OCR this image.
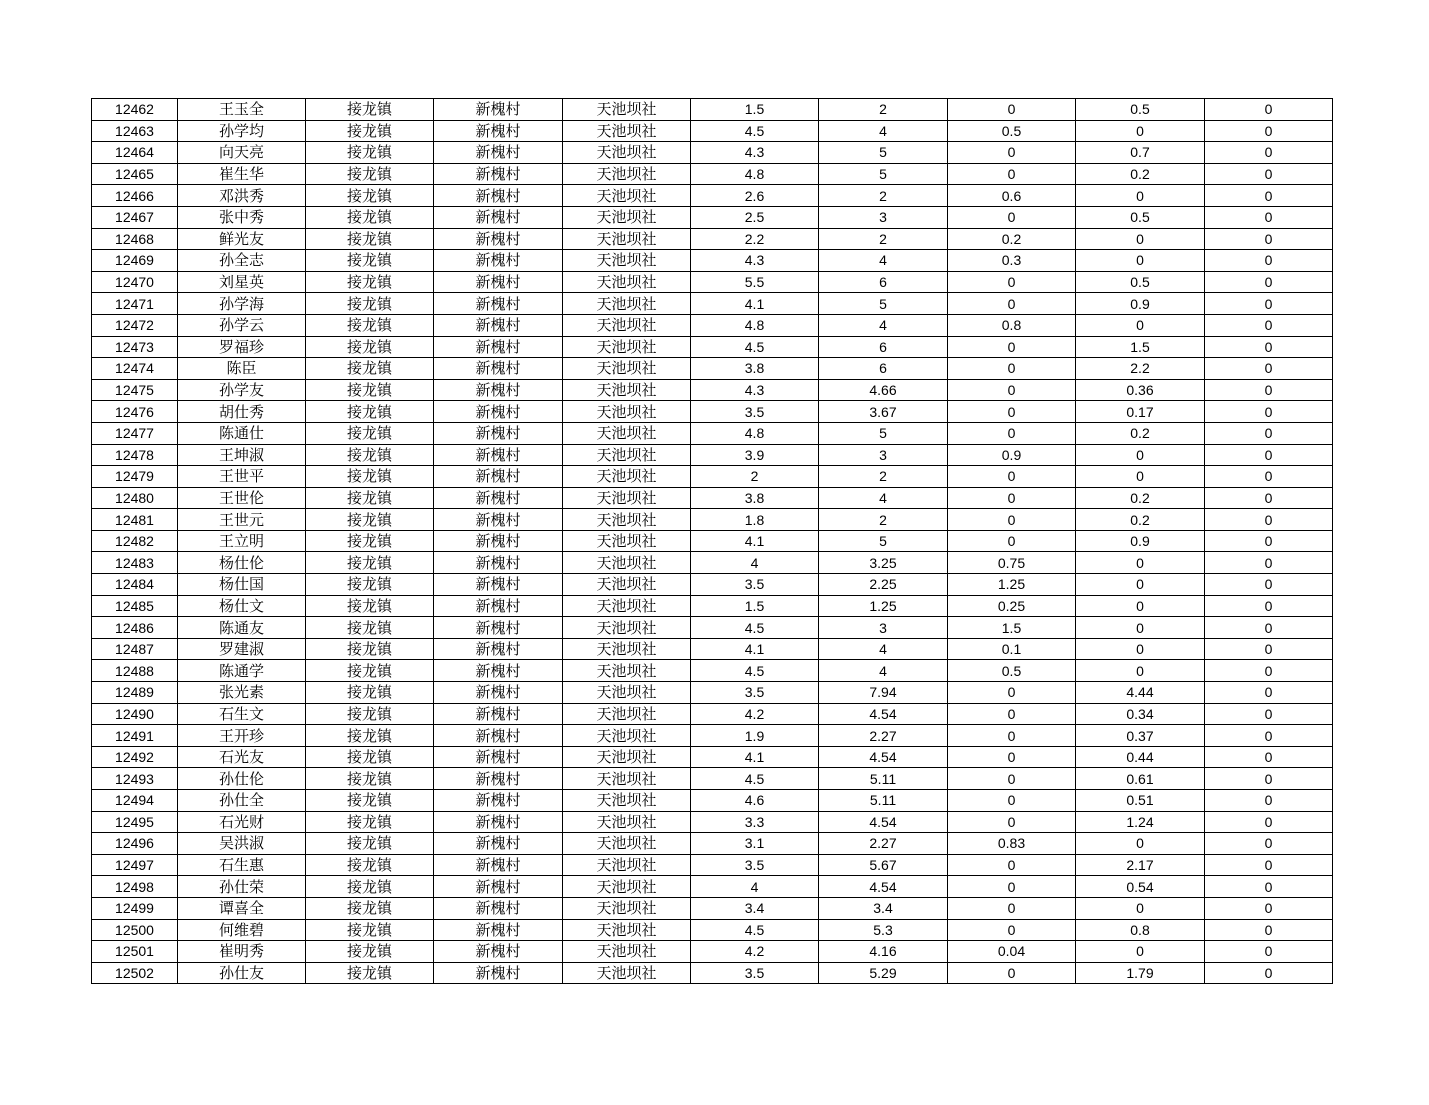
12462	王玉全	接龙镇	新槐村	天池坝社	1.5	2	0	0.5	0
12463	孙学均	接龙镇	新槐村	天池坝社	4.5	4	0.5	0	0
12464	向天亮	接龙镇	新槐村	天池坝社	4.3	5	0	0.7	0
12465	崔生华	接龙镇	新槐村	天池坝社	4.8	5	0	0.2	0
12466	邓洪秀	接龙镇	新槐村	天池坝社	2.6	2	0.6	0	0
12467	张中秀	接龙镇	新槐村	天池坝社	2.5	3	0	0.5	0
12468	鲜光友	接龙镇	新槐村	天池坝社	2.2	2	0.2	0	0
12469	孙全志	接龙镇	新槐村	天池坝社	4.3	4	0.3	0	0
12470	刘星英	接龙镇	新槐村	天池坝社	5.5	6	0	0.5	0
12471	孙学海	接龙镇	新槐村	天池坝社	4.1	5	0	0.9	0
12472	孙学云	接龙镇	新槐村	天池坝社	4.8	4	0.8	0	0
12473	罗福珍	接龙镇	新槐村	天池坝社	4.5	6	0	1.5	0
12474	陈臣	接龙镇	新槐村	天池坝社	3.8	6	0	2.2	0
12475	孙学友	接龙镇	新槐村	天池坝社	4.3	4.66	0	0.36	0
12476	胡仕秀	接龙镇	新槐村	天池坝社	3.5	3.67	0	0.17	0
12477	陈通仕	接龙镇	新槐村	天池坝社	4.8	5	0	0.2	0
12478	王坤淑	接龙镇	新槐村	天池坝社	3.9	3	0.9	0	0
12479	王世平	接龙镇	新槐村	天池坝社	2	2	0	0	0
12480	王世伦	接龙镇	新槐村	天池坝社	3.8	4	0	0.2	0
12481	王世元	接龙镇	新槐村	天池坝社	1.8	2	0	0.2	0
12482	王立明	接龙镇	新槐村	天池坝社	4.1	5	0	0.9	0
12483	杨仕伦	接龙镇	新槐村	天池坝社	4	3.25	0.75	0	0
12484	杨仕国	接龙镇	新槐村	天池坝社	3.5	2.25	1.25	0	0
12485	杨仕文	接龙镇	新槐村	天池坝社	1.5	1.25	0.25	0	0
12486	陈通友	接龙镇	新槐村	天池坝社	4.5	3	1.5	0	0
12487	罗建淑	接龙镇	新槐村	天池坝社	4.1	4	0.1	0	0
12488	陈通学	接龙镇	新槐村	天池坝社	4.5	4	0.5	0	0
12489	张光素	接龙镇	新槐村	天池坝社	3.5	7.94	0	4.44	0
12490	石生文	接龙镇	新槐村	天池坝社	4.2	4.54	0	0.34	0
12491	王开珍	接龙镇	新槐村	天池坝社	1.9	2.27	0	0.37	0
12492	石光友	接龙镇	新槐村	天池坝社	4.1	4.54	0	0.44	0
12493	孙仕伦	接龙镇	新槐村	天池坝社	4.5	5.11	0	0.61	0
12494	孙仕全	接龙镇	新槐村	天池坝社	4.6	5.11	0	0.51	0
12495	石光财	接龙镇	新槐村	天池坝社	3.3	4.54	0	1.24	0
12496	吴洪淑	接龙镇	新槐村	天池坝社	3.1	2.27	0.83	0	0
12497	石生惠	接龙镇	新槐村	天池坝社	3.5	5.67	0	2.17	0
12498	孙仕荣	接龙镇	新槐村	天池坝社	4	4.54	0	0.54	0
12499	谭喜全	接龙镇	新槐村	天池坝社	3.4	3.4	0	0	0
12500	何维碧	接龙镇	新槐村	天池坝社	4.5	5.3	0	0.8	0
12501	崔明秀	接龙镇	新槐村	天池坝社	4.2	4.16	0.04	0	0
12502	孙仕友	接龙镇	新槐村	天池坝社	3.5	5.29	0	1.79	0
